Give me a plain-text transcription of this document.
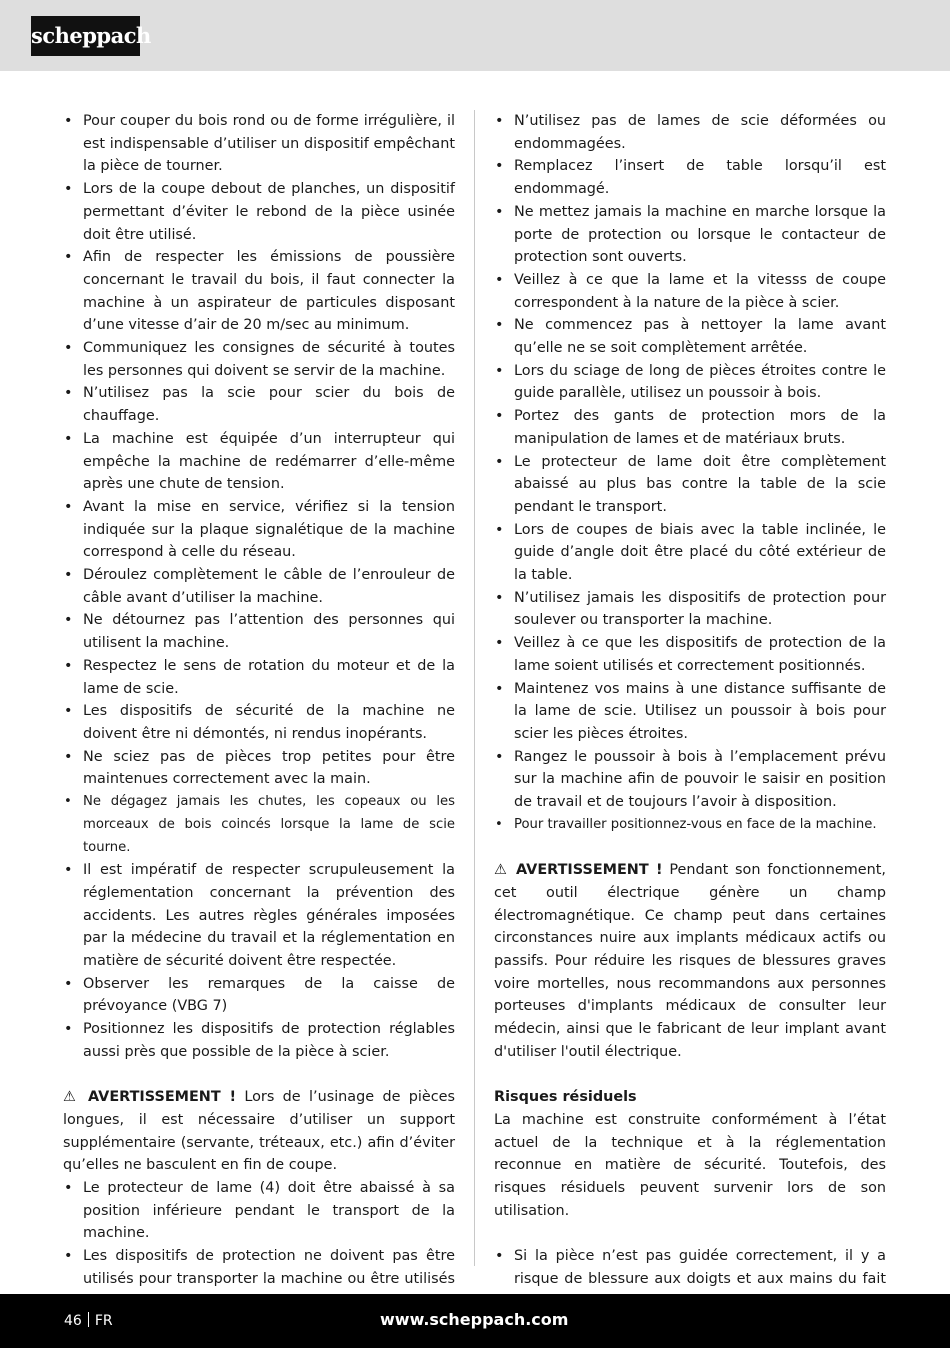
scheppach
• Pour couper du bois rond ou de forme irrégulière, il est indispensable d’utiliser un dispositif empêchant la pièce de tourner.
• Lors de la coupe debout de planches, un dispositif permettant d’éviter le rebond de la pièce usinée doit être utilisé.
• Afin de respecter les émissions de poussière concernant le travail du bois, il faut connecter la machine à un aspirateur de particules disposant d’une vitesse d’air de 20 m/sec au minimum.
• Communiquez les consignes de sécurité à toutes les personnes qui doivent se servir de la machine.
• N’utilisez pas la scie pour scier du bois de chauffage.
• La machine est équipée d’un interrupteur qui empêche la machine de redémarrer d’elle-même après une chute de tension.
• Avant la mise en service, vérifiez si la tension indiquée sur la plaque signalétique de la machine correspond à celle du réseau.
• Déroulez complètement le câble de l’enrouleur de câble avant d’utiliser la machine.
• Ne détournez pas l’attention des personnes qui utilisent la machine.
• Respectez le sens de rotation du moteur et de la lame de scie.
• Les dispositifs de sécurité de la machine ne doivent être ni démontés, ni rendus inopérants.
• Ne sciez pas de pièces trop petites pour être maintenues correctement avec la main.
• Ne dégagez jamais les chutes, les copeaux ou les morceaux de bois coincés lorsque la lame de scie tourne.
• Il est impératif de respecter scrupuleusement la réglementation concernant la prévention des accidents. Les autres règles générales imposées par la médecine du travail et la réglementation en matière de sécurité doivent être respectée.
• Observer les remarques de la caisse de prévoyance (VBG 7)
• Positionnez les dispositifs de protection réglables aussi près que possible de la pièce à scier.

⚠ AVERTISSEMENT ! Lors de l’usinage de pièces longues, il est nécessaire d’utiliser un support supplémentaire (servante, tréteaux, etc.) afin d’éviter qu’elles ne basculent en fin de coupe.

• Le protecteur de lame (4) doit être abaissé à sa position inférieure pendant le transport de la machine.
• Les dispositifs de protection ne doivent pas être utilisés pour transporter la machine ou être utilisés
• N’utilisez pas de lames de scie déformées ou endommagées.
• Remplacez l’insert de table lorsqu’il est endommagé.
• Ne mettez jamais la machine en marche lorsque la porte de protection ou lorsque le contacteur de protection sont ouverts.
• Veillez à ce que la lame et la vitesss de coupe correspondent à la nature de la pièce à scier.
• Ne commencez pas à nettoyer la lame avant qu’elle ne se soit complètement arrêtée.
• Lors du sciage de long de pièces étroites contre le guide parallèle, utilisez un poussoir à bois.
• Portez des gants de protection mors de la manipulation de lames et de matériaux bruts.
• Le protecteur de lame doit être complètement abaissé au plus bas contre la table de la scie pendant le transport.
• Lors de coupes de biais avec la table inclinée, le guide d’angle doit être placé du côté extérieur de la table.
• N’utilisez jamais les dispositifs de protection pour soulever ou transporter la machine.
• Veillez à ce que les dispositifs de protection de la lame soient utilisés et correctement positionnés.
• Maintenez vos mains à une distance suffisante de la lame de scie. Utilisez un poussoir à bois pour scier les pièces étroites.
• Rangez le poussoir à bois à l’emplacement prévu sur la machine afin de pouvoir le saisir en position de travail et de toujours l’avoir à disposition.
• Pour travailler positionnez-vous en face de la machine.

⚠ AVERTISSEMENT ! Pendant son fonctionnement, cet outil électrique génère un champ électromagnétique. Ce champ peut dans certaines circonstances nuire aux implants médicaux actifs ou passifs. Pour réduire les risques de blessures graves voire mortelles, nous recommandons aux personnes porteuses d'implants médicaux de consulter leur médecin, ainsi que le fabricant de leur implant avant d'utiliser l'outil électrique.

Risques résiduels

La machine est construite conformément à l’état actuel de la technique et à la réglementation reconnue en matière de sécurité. Toutefois, des risques résiduels peuvent survenir lors de son utilisation.

• Si la pièce n’est pas guidée correctement, il y a risque de blessure aux doigts et aux mains du fait
46 FR	www.scheppach.com
